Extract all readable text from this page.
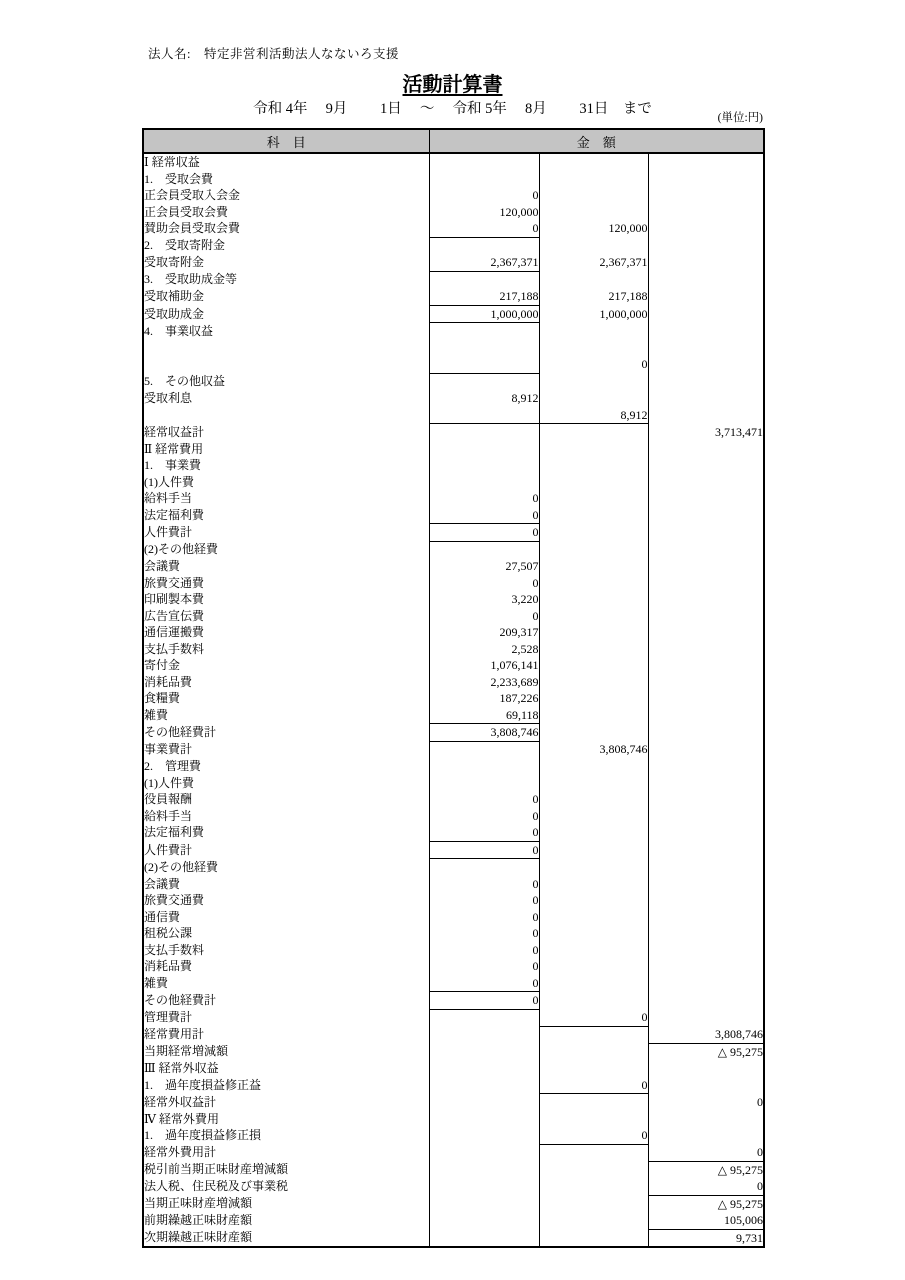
法人名:　特定非営利活動法人なないろ支援
活動計算書
令和 4年　 9月　　 1日　 ～　 令和 5年　 8月　　 31日　まで
(単位:円)
科　目	金　額		
Ⅰ 経常収益			
1.　受取会費			
正会員受取入会金	0		
正会員受取会費	120,000		
賛助会員受取会費	0	120,000	
2.　受取寄附金			
受取寄附金	2,367,371	2,367,371	
3.　受取助成金等			
受取補助金	217,188	217,188	
受取助成金	1,000,000	1,000,000	
4.　事業収益			

		0	
5.　その他収益			
受取利息	8,912		
		8,912	
経常収益計			3,713,471
Ⅱ 経常費用			
1.　事業費			
(1)人件費			
給料手当	0		
法定福利費	0		
人件費計	0		
(2)その他経費			
会議費	27,507		
旅費交通費	0		
印刷製本費	3,220		
広告宣伝費	0		
通信運搬費	209,317		
支払手数料	2,528		
寄付金	1,076,141		
消耗品費	2,233,689		
食糧費	187,226		
雑費	69,118		
その他経費計	3,808,746		
事業費計		3,808,746	
2.　管理費			
(1)人件費			
役員報酬	0		
給料手当	0		
法定福利費	0		
人件費計	0		
(2)その他経費			
会議費	0		
旅費交通費	0		
通信費	0		
租税公課	0		
支払手数料	0		
消耗品費	0		
雑費	0		
その他経費計	0		
管理費計		0	
経常費用計			3,808,746
当期経常増減額			△ 95,275
Ⅲ 経常外収益			
1.　過年度損益修正益		0	
経常外収益計			0
Ⅳ 経常外費用			
1.　過年度損益修正損		0	
経常外費用計			0
税引前当期正味財産増減額			△ 95,275
法人税、住民税及び事業税			0
当期正味財産増減額			△ 95,275
前期繰越正味財産額			105,006
次期繰越正味財産額			9,731
